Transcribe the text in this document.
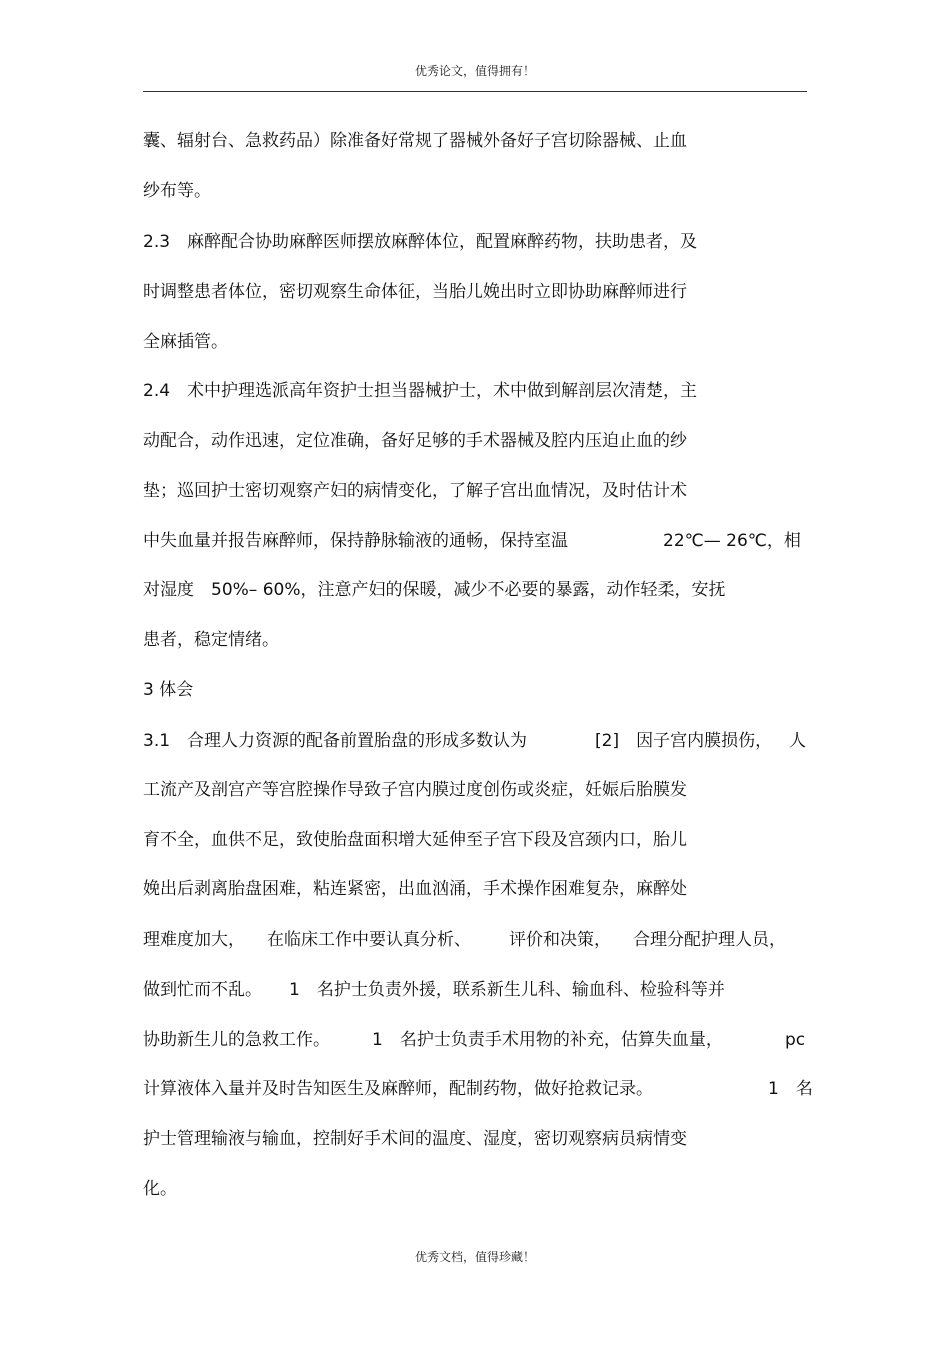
优秀论文，值得拥有！
囊、辐射台、急救药品）除准备好常规了器械外备好子宫切除器械、止血
纱布等。
2.3　麻醉配合协助麻醉医师摆放麻醉体位，配置麻醉药物，扶助患者，及
时调整患者体位，密切观察生命体征，当胎儿娩出时立即协助麻醉师进行
全麻插管。
2.4　术中护理选派高年资护士担当器械护士，术中做到解剖层次清楚，主
动配合，动作迅速，定位准确，备好足够的手术器械及腔内压迫止血的纱
垫；巡回护士密切观察产妇的病情变化，了解子宫出血情况，及时估计术
中失血量并报告麻醉师，保持静脉输液的通畅，保持室温	22℃— 26℃，相
对湿度　50%– 60%，注意产妇的保暖，减少不必要的暴露，动作轻柔，安抚
患者，稳定情绪。
3 体会
3.1　合理人力资源的配备前置胎盘的形成多数认为	[2]　因子宫内膜损伤， 人
工流产及剖宫产等宫腔操作导致子宫内膜过度创伤或炎症，妊娠后胎膜发
育不全，血供不足，致使胎盘面积增大延伸至子宫下段及宫颈内口，胎儿
娩出后剥离胎盘困难，粘连紧密，出血汹涌，手术操作困难复杂，麻醉处
理难度加大， 在临床工作中要认真分析、 评价和决策， 合理分配护理人员，
做到忙而不乱。 1　名护士负责外援，联系新生儿科、输血科、检验科等并
协助新生儿的急救工作。 1　名护士负责手术用物的补充，估算失血量，	pc
计算液体入量并及时告知医生及麻醉师，配制药物，做好抢救记录。	1　名
护士管理输液与输血，控制好手术间的温度、湿度，密切观察病员病情变
化。
优秀文档，值得珍藏！
